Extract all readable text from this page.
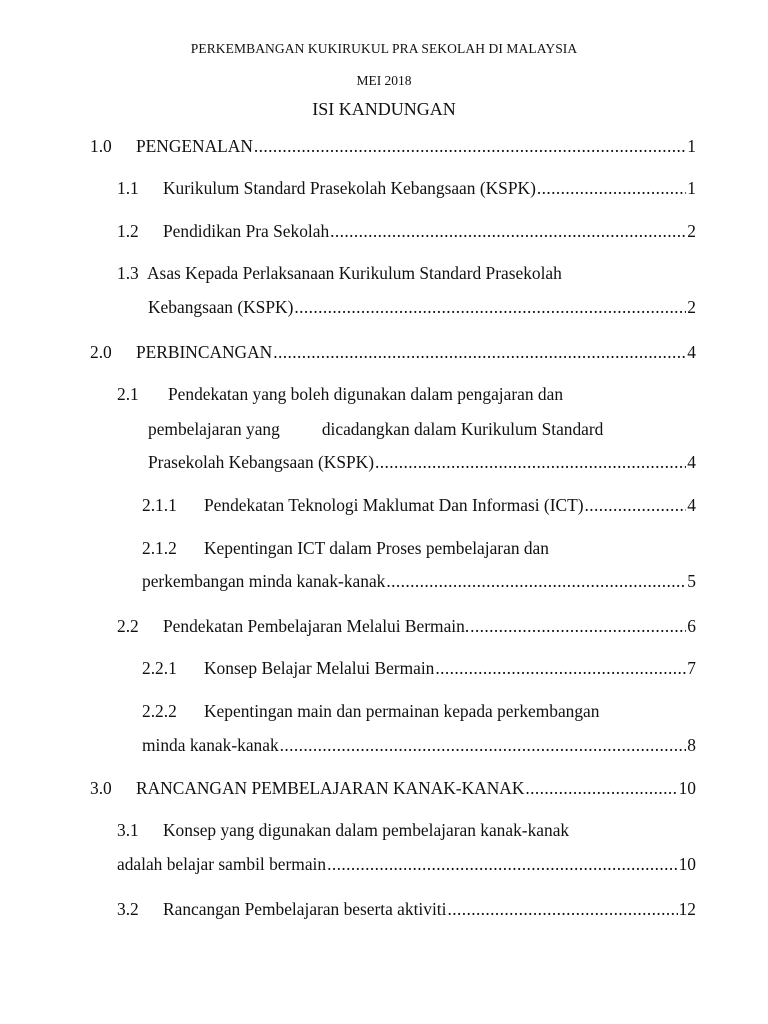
PERKEMBANGAN KUKIRUKUL PRA SEKOLAH DI MALAYSIA
MEI 2018
ISI KANDUNGAN
1.0	PENGENALAN .....	1
1.1	Kurikulum Standard Prasekolah Kebangsaan (KSPK) .....	1
1.2	Pendidikan Pra Sekolah .....	2
1.3 Asas Kepada Perlaksanaan Kurikulum Standard Prasekolah
Kebangsaan (KSPK) .....	2
2.0	PERBINCANGAN .....	4
2.1	Pendekatan yang boleh digunakan dalam pengajaran dan
pembelajaran yang dicadangkan dalam Kurikulum Standard
Prasekolah Kebangsaan (KSPK) .....	4
2.1.1	Pendekatan Teknologi Maklumat Dan Informasi (ICT) .....	4
2.1.2	Kepentingan ICT dalam Proses pembelajaran dan
perkembangan minda kanak-kanak .....	5
2.2	Pendekatan Pembelajaran Melalui Bermain. .....	6
2.2.1	Konsep Belajar Melalui Bermain .....	7
2.2.2	Kepentingan main dan permainan kepada perkembangan
minda kanak-kanak .....	8
3.0	RANCANGAN PEMBELAJARAN KANAK-KANAK .....	10
3.1	Konsep yang digunakan dalam pembelajaran kanak-kanak
adalah belajar sambil bermain .....	10
3.2	Rancangan Pembelajaran beserta aktiviti .....	12
